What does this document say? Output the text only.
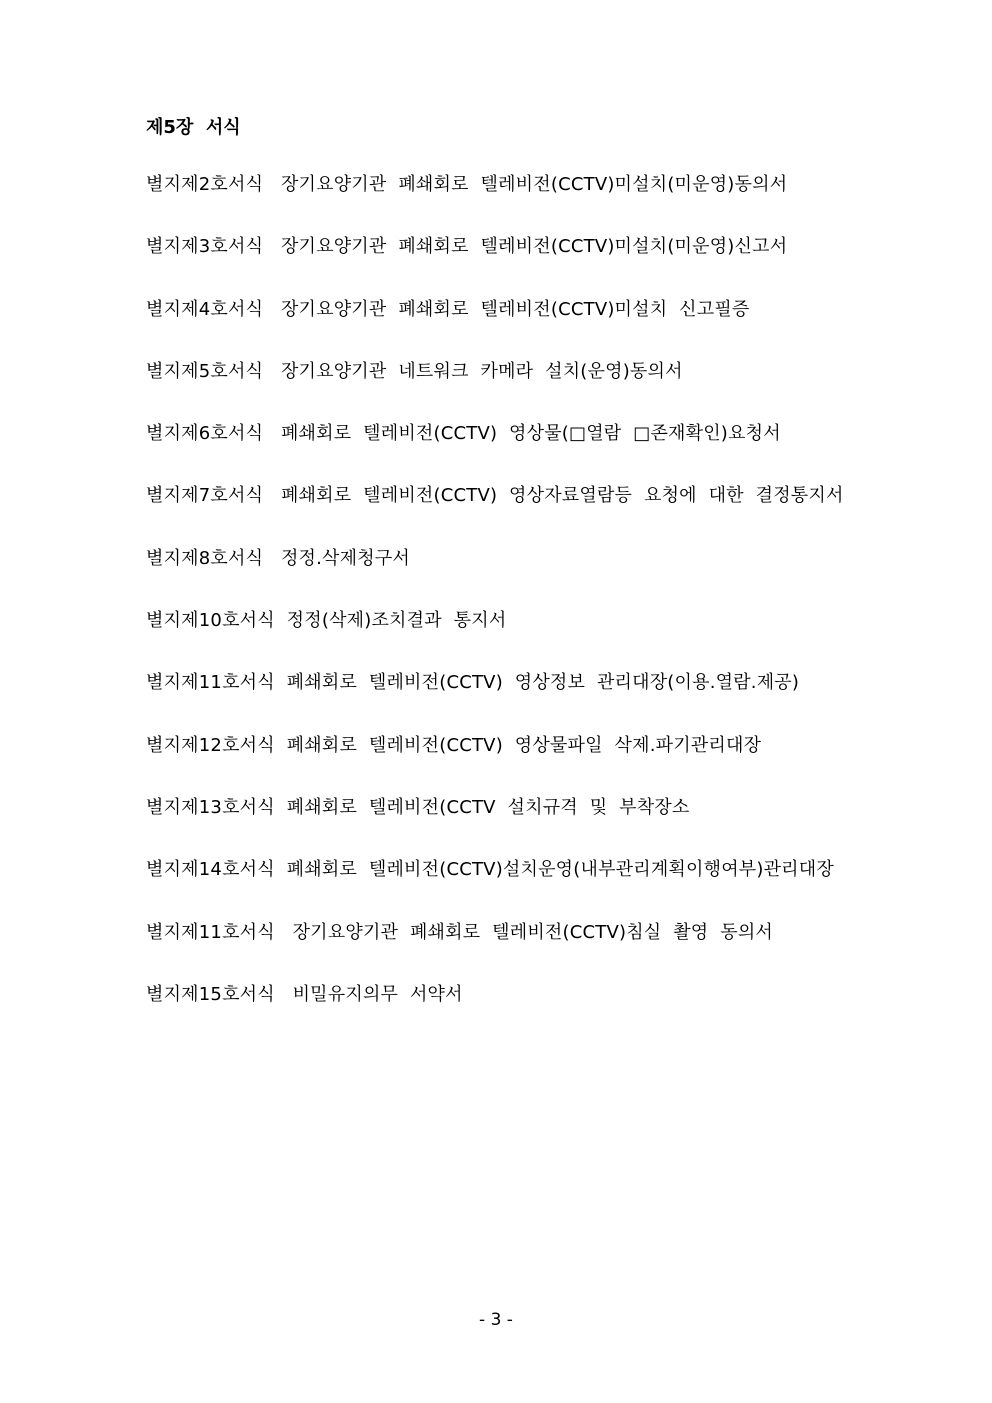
제5장  서식
별지제2호서식   장기요양기관  폐쇄회로  텔레비전(CCTV)미설치(미운영)동의서
별지제3호서식   장기요양기관  폐쇄회로  텔레비전(CCTV)미설치(미운영)신고서
별지제4호서식   장기요양기관  폐쇄회로  텔레비전(CCTV)미설치  신고필증
별지제5호서식   장기요양기관  네트워크  카메라  설치(운영)동의서
별지제6호서식   폐쇄회로  텔레비전(CCTV)  영상물(□열람  □존재확인)요청서
별지제7호서식   폐쇄회로  텔레비전(CCTV)  영상자료열람등  요청에  대한  결정통지서
별지제8호서식   정정.삭제청구서
별지제10호서식  정정(삭제)조치결과  통지서
별지제11호서식  폐쇄회로  텔레비전(CCTV)  영상정보  관리대장(이용.열람.제공)
별지제12호서식  폐쇄회로  텔레비전(CCTV)  영상물파일  삭제.파기관리대장
별지제13호서식  폐쇄회로  텔레비전(CCTV  설치규격  및  부착장소
별지제14호서식  폐쇄회로  텔레비전(CCTV)설치운영(내부관리계획이행여부)관리대장
별지제11호서식   장기요양기관  폐쇄회로  텔레비전(CCTV)침실  촬영  동의서
별지제15호서식   비밀유지의무  서약서
- 3 -
